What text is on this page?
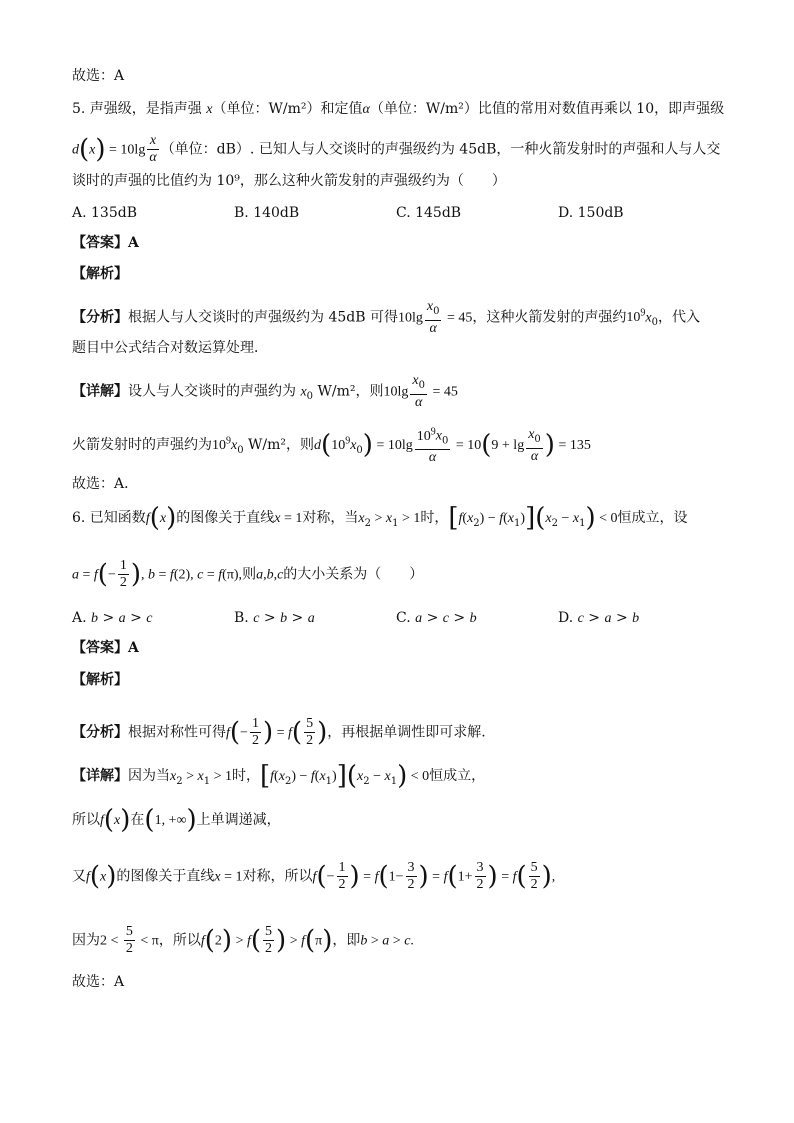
故选：A
5. 声强级，是指声强 x（单位：W/m²）和定值α（单位：W/m²）比值的常用对数值再乘以 10，即声强级
$d(x) = 10\lg \frac{x}{\alpha}$ （单位：dB）. 已知人与人交谈时的声强级约为 45dB，一种火箭发射时的声强和人与人交
谈时的声强的比值约为 10⁹，那么这种火箭发射的声强级约为（　　）
A. 135dB	B. 140dB	C. 145dB	D. 150dB
【答案】A
【解析】
【分析】根据人与人交谈时的声强级约为 45dB 可得$10\lg \frac{x_0}{\alpha} = 45$，这种火箭发射的声强约$10^9x_0$，代入
题目中公式结合对数运算处理．
【详解】设人与人交谈时的声强约为 $x_0$ W/m²，则$10\lg \frac{x_0}{\alpha} = 45$
火箭发射时的声强约为$10^9x_0$ W/m²，则$d(10^9x_0) = 10\lg \frac{10^9x_0}{\alpha} = 10(9 + \lg \frac{x_0}{\alpha}$ ) = 135
故选：A．
6. 已知函数f(x)的图像关于直线x = 1对称，当$x_2 > x_1 > 1$时，$[f(x_2) - f(x_1)](x_2 - x_1) < 0$恒成立，设
$a = f(- \frac{1}{2}$ ), b = f(2), c = f(π),则a,b,c的大小关系为（　　）
A. b > a > c	B. c > b > a	C. a > c > b	D. c > a > b
【答案】A
【解析】
【分析】根据对称性可得$f(- \frac{1}{2}$ ) = $f( \frac{5}{2}$ )，再根据单调性即可求解.
【详解】因为当$x_2 > x_1 > 1$时，$[f(x_2) - f(x_1)](x_2 - x_1) < 0$恒成立，
所以f(x)在(1, +∞)上单调递减，
又f(x)的图像关于直线x = 1对称，所以$f(- \frac{1}{2}$ ) = $f(1- \frac{3}{2}$ ) = $f(1+ \frac{3}{2}$ ) = $f( \frac{5}{2}$ ),
因为$2 < \frac{5}{2} < \pi$，所以$f(2) > f( \frac{5}{2}$ ) > f(π)，即b > a > c.
故选：A
